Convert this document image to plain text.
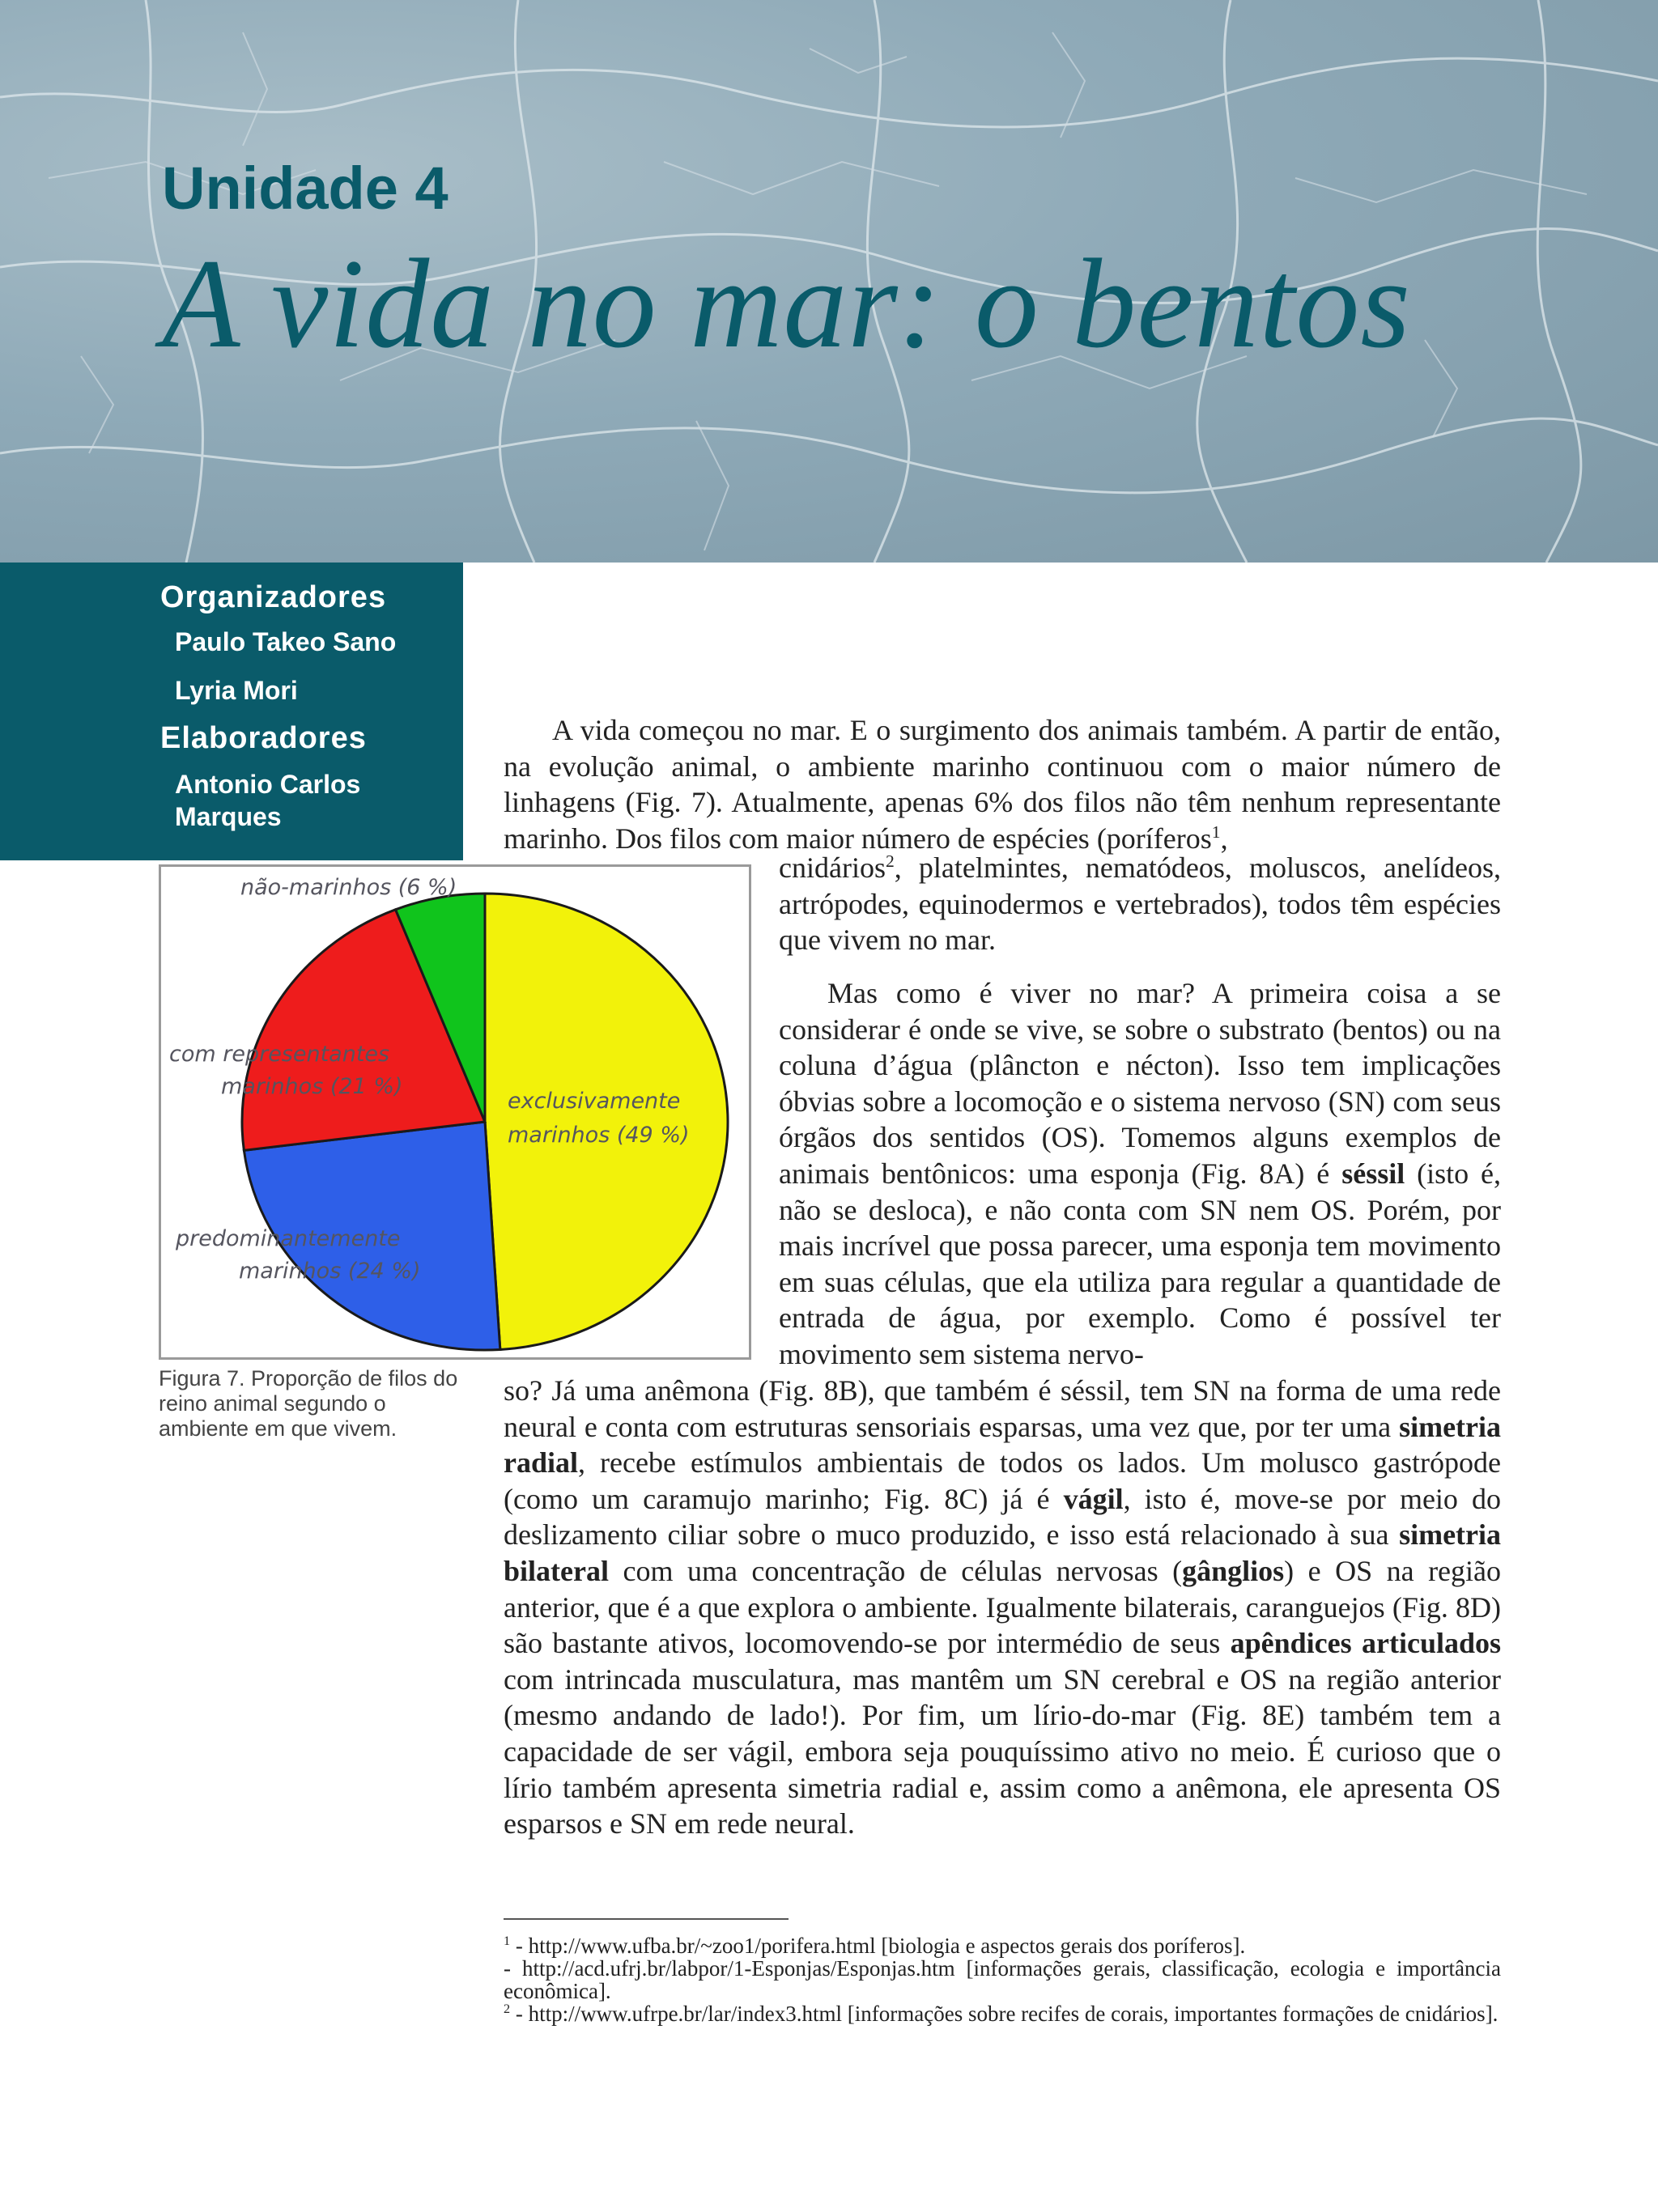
Unidade 4
A vida no mar: o bentos
Organizadores
Paulo Takeo Sano
Lyria Mori
Elaboradores
Antonio Carlos Marques
não-marinhos (6 %)
com representantes
marinhos (21 %)
exclusivamente
marinhos (49 %)
predominantemente
marinhos (24 %)
Figura 7. Proporção de filos do reino animal segundo o ambiente em que vivem.
A vida começou no mar. E o surgimento dos animais também. A partir de então, na evolução animal, o ambiente marinho continuou com o maior número de linhagens (Fig. 7). Atualmente, apenas 6% dos filos não têm nenhum representante marinho. Dos filos com maior número de espécies (poríferos$^1$,
cnidários$^2$, platelmintes, nematódeos, moluscos, anelídeos, artrópodes, equinodermos e vertebrados), todos têm espécies que vivem no mar.
Mas como é viver no mar? A primeira coisa a se considerar é onde se vive, se sobre o substrato (bentos) ou na coluna d’água (plâncton e nécton). Isso tem implicações óbvias sobre a locomoção e o sistema nervoso (SN) com seus órgãos dos sentidos (OS). Tomemos alguns exemplos de animais bentônicos: uma esponja (Fig. 8A) é séssil (isto é, não se desloca), e não conta com SN nem OS. Porém, por mais incrível que possa parecer, uma esponja tem movimento em suas células, que ela utiliza para regular a quantidade de entrada de água, por exemplo. Como é possível ter movimento sem sistema nervo-
so? Já uma anêmona (Fig. 8B), que também é séssil, tem SN na forma de uma rede neural e conta com estruturas sensoriais esparsas, uma vez que, por ter uma simetria radial, recebe estímulos ambientais de todos os lados. Um molusco gastrópode (como um caramujo marinho; Fig. 8C) já é vágil, isto é, move-se por meio do deslizamento ciliar sobre o muco produzido, e isso está relacionado à sua simetria bilateral com uma concentração de células nervosas (gânglios) e OS na região anterior, que é a que explora o ambiente. Igualmente bilaterais, caranguejos (Fig. 8D) são bastante ativos, locomovendo-se por intermédio de seus apêndices articulados com intrincada musculatura, mas mantêm um SN cerebral e OS na região anterior (mesmo andando de lado!). Por fim, um lírio-do-mar (Fig. 8E) também tem a capacidade de ser vágil, embora seja pouquíssimo ativo no meio. É curioso que o lírio também apresenta simetria radial e, assim como a anêmona, ele apresenta OS esparsos e SN em rede neural.

$^1$ - http://www.ufba.br/~zoo1/porifera.html [biologia e aspectos gerais dos poríferos].

- http://acd.ufrj.br/labpor/1-Esponjas/Esponjas.htm [informações gerais, classificação, ecologia e importância econômica].

$^2$ - http://www.ufrpe.br/lar/index3.html [informações sobre recifes de corais, importantes formações de cnidários].
